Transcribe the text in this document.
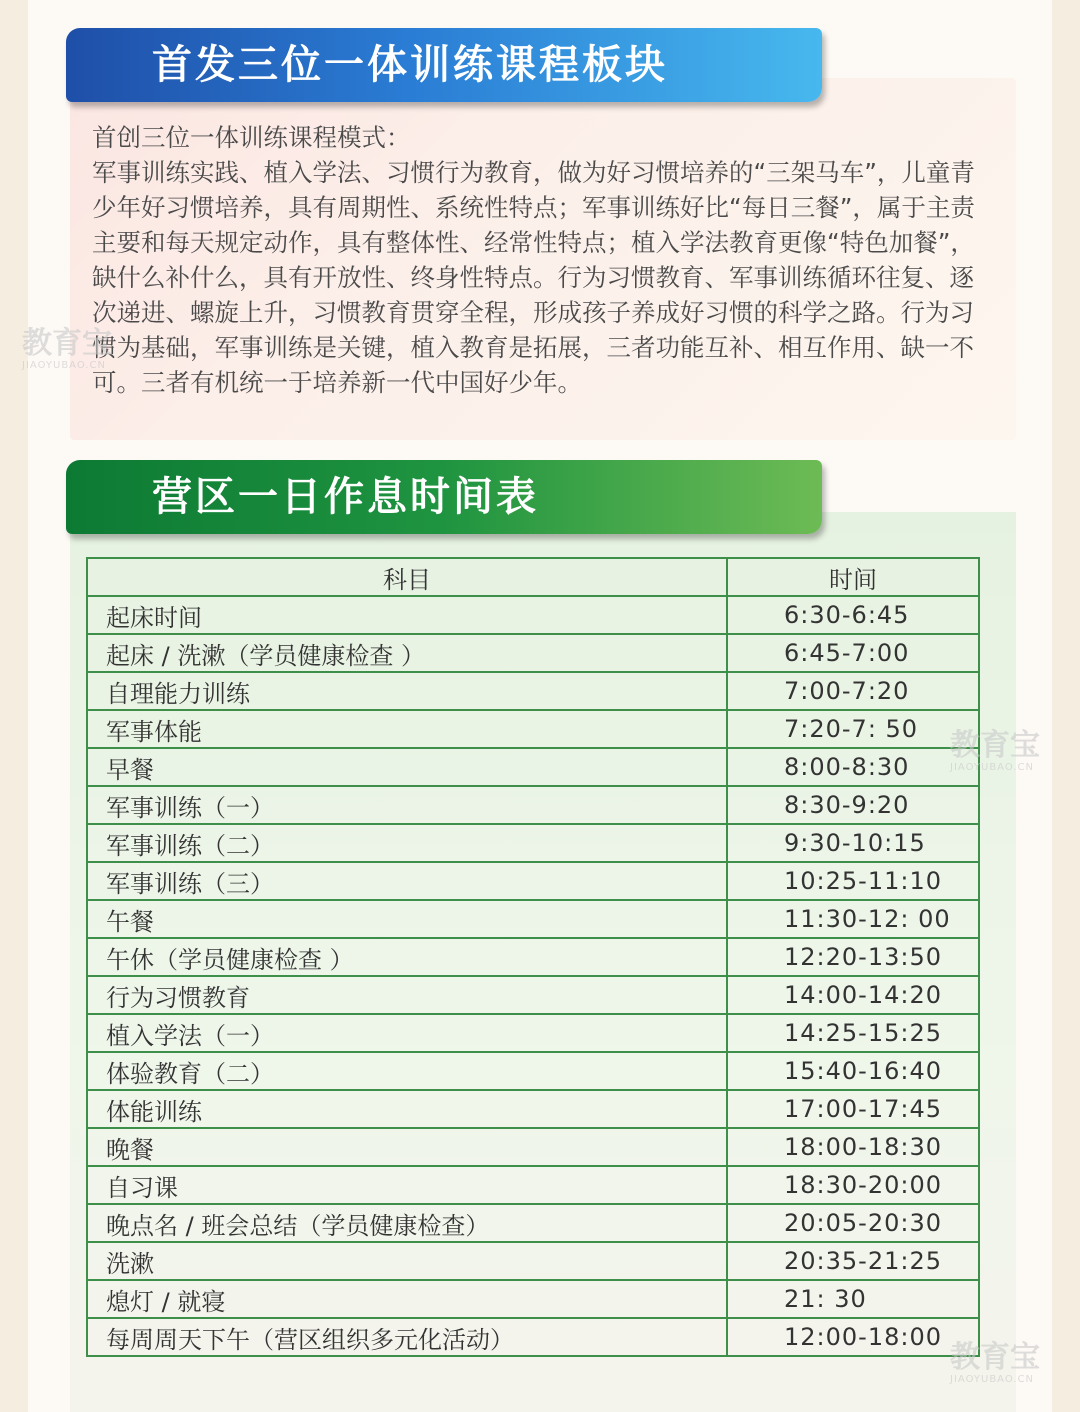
首发三位一体训练课程板块

首创三位一体训练课程模式：

军事训练实践、植入学法、习惯行为教育，做为好习惯培养的“三架马车”，儿童青少年好习惯培养，具有周期性、系统性特点；军事训练好比“每日三餐”，属于主责主要和每天规定动作，具有整体性、经常性特点；植入学法教育更像“特色加餐”，缺什么补什么，具有开放性、终身性特点。行为习惯教育、军事训练循环往复、逐次递进、螺旋上升，习惯教育贯穿全程，形成孩子养成好习惯的科学之路。行为习惯为基础，军事训练是关键，植入教育是拓展，三者功能互补、相互作用、缺一不可。三者有机统一于培养新一代中国好少年。

营区一日作息时间表
科目	时间
起床时间	6:30-6:45
起床 / 洗漱（学员健康检查 ）	6:45-7:00
自理能力训练	7:00-7:20
军事体能	7:20-7: 50
早餐	8:00-8:30
军事训练（一）	8:30-9:20
军事训练（二）	9:30-10:15
军事训练（三）	10:25-11:10
午餐	11:30-12: 00
午休（学员健康检查 ）	12:20-13:50
行为习惯教育	14:00-14:20
植入学法（一）	14:25-15:25
体验教育（二）	15:40-16:40
体能训练	17:00-17:45
晚餐	18:00-18:30
自习课	18:30-20:00
晚点名 / 班会总结（学员健康检查）	20:05-20:30
洗漱	20:35-21:25
熄灯 / 就寝	21: 30
每周周天下午（营区组织多元化活动）	12:00-18:00
教育宝
JIAOYUBAO.CN
教育宝
JIAOYUBAO.CN
教育宝
JIAOYUBAO.CN
